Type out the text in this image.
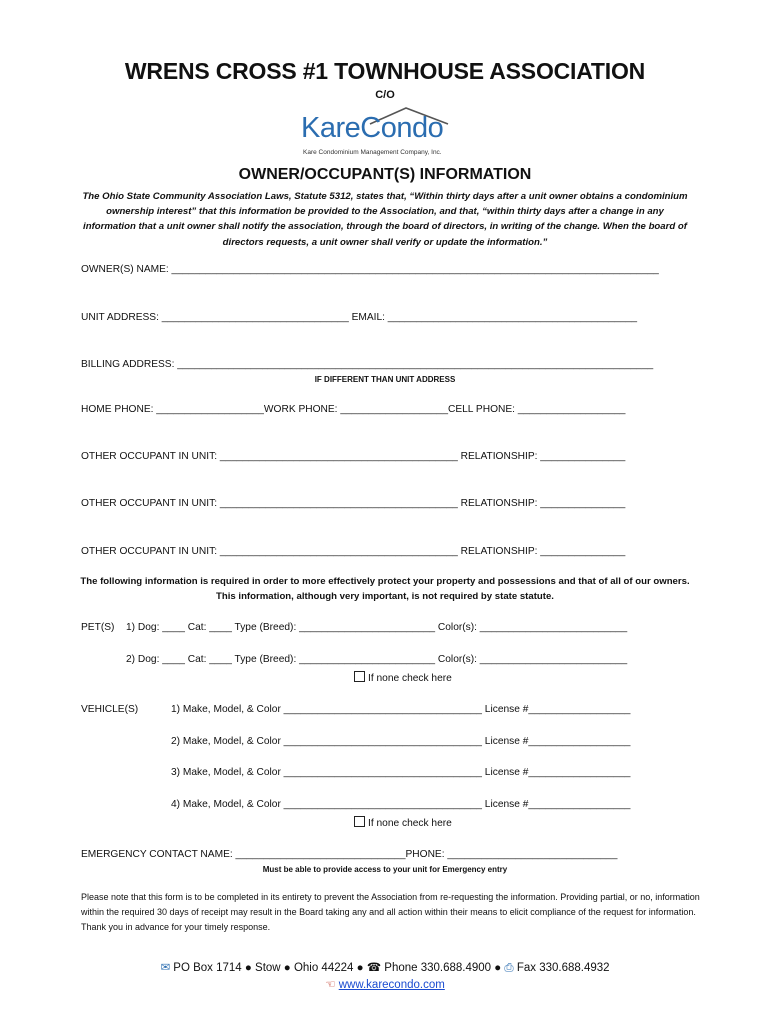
WRENS CROSS #1 TOWNHOUSE ASSOCIATION
C/O
KareCondo
Kare Condominium Management Company, Inc.
OWNER/OCCUPANT(S) INFORMATION
The Ohio State Community Association Laws, Statute 5312, states that, “Within thirty days after a unit owner obtains a condominium ownership interest” that this information be provided to the Association, and that, “within thirty days after a change in any information that a unit owner shall notify the association, through the board of directors, in writing of the change. When the board of directors requests, a unit owner shall verify or update the information.”
OWNER(S) NAME: ______________________________________________________________________________________
UNIT ADDRESS: _________________________________ EMAIL: ____________________________________________
BILLING ADDRESS: ____________________________________________________________________________________
IF DIFFERENT THAN UNIT ADDRESS
HOME PHONE: ___________________WORK PHONE: ___________________CELL PHONE: ___________________
OTHER OCCUPANT IN UNIT: __________________________________________ RELATIONSHIP: _______________
OTHER OCCUPANT IN UNIT: __________________________________________ RELATIONSHIP: _______________
OTHER OCCUPANT IN UNIT: __________________________________________ RELATIONSHIP: _______________
The following information is required in order to more effectively protect your property and possessions and that of all of our owners. This information, although very important, is not required by state statute.
PET(S) 1) Dog: ____ Cat: ____ Type (Breed): ________________________ Color(s): __________________________
2) Dog: ____ Cat: ____ Type (Breed): ________________________ Color(s): __________________________
If none check here
VEHICLE(S)	1) Make, Model, & Color ___________________________________ License #__________________
2) Make, Model, & Color ___________________________________ License #__________________
3) Make, Model, & Color ___________________________________ License #__________________
4) Make, Model, & Color ___________________________________ License #__________________
If none check here
EMERGENCY CONTACT NAME: ______________________________PHONE: ______________________________
Must be able to provide access to your unit for Emergency entry
Please note that this form is to be completed in its entirety to prevent the Association from re-requesting the information. Providing partial, or no, information within the required 30 days of receipt may result in the Board taking any and all action within their means to elicit compliance of the request for information. Thank you in advance for your timely response.
✉ PO Box 1714 ● Stow ● Ohio 44224 ● ☎ Phone 330.688.4900 ● ⎙ Fax 330.688.4932
☜ www.karecondo.com
